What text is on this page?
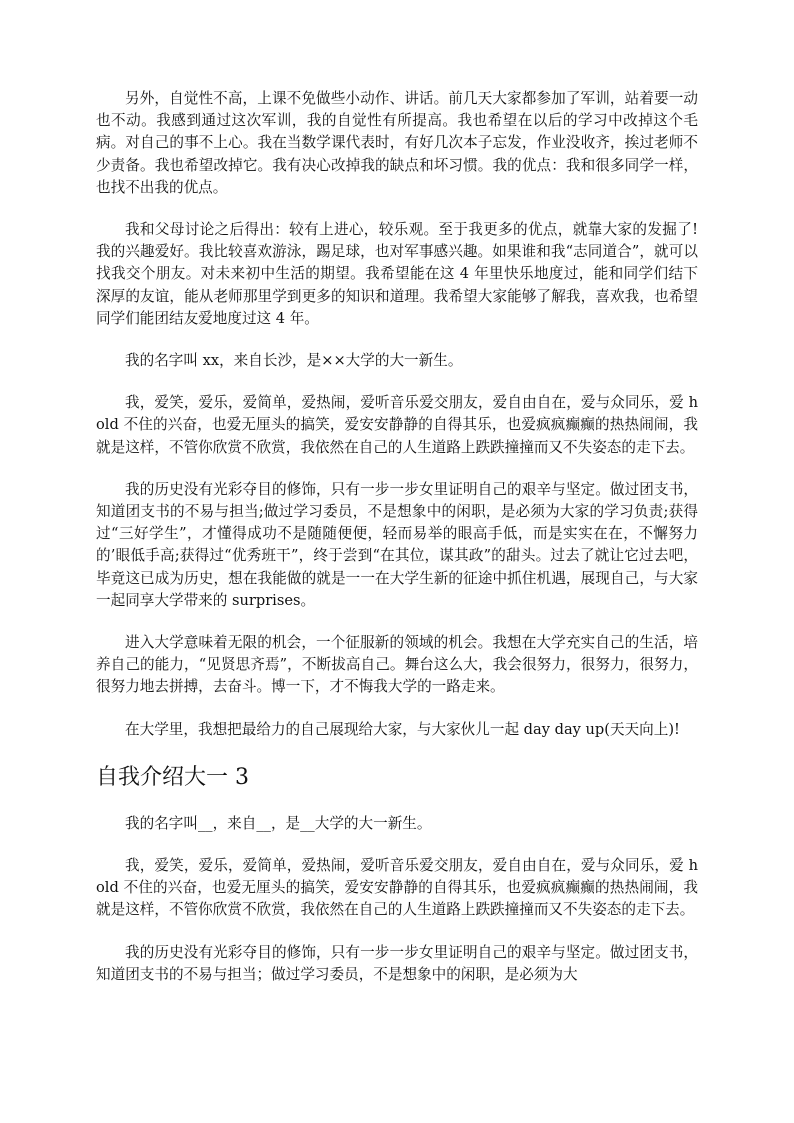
另外，自觉性不高，上课不免做些小动作、讲话。前几天大家都参加了军训，站着要一动也不动。我感到通过这次军训，我的自觉性有所提高。我也希望在以后的学习中改掉这个毛病。对自己的事不上心。我在当数学课代表时，有好几次本子忘发，作业没收齐，挨过老师不少责备。我也希望改掉它。我有决心改掉我的缺点和坏习惯。我的优点：我和很多同学一样，也找不出我的优点。

我和父母讨论之后得出：较有上进心，较乐观。至于我更多的优点，就靠大家的发掘了!我的兴趣爱好。我比较喜欢游泳，踢足球，也对军事感兴趣。如果谁和我“志同道合”，就可以找我交个朋友。对未来初中生活的期望。我希望能在这 4 年里快乐地度过，能和同学们结下深厚的友谊，能从老师那里学到更多的知识和道理。我希望大家能够了解我，喜欢我，也希望同学们能团结友爱地度过这 4 年。

我的名字叫 xx，来自长沙，是××大学的大一新生。

我，爱笑，爱乐，爱简单，爱热闹，爱听音乐爱交朋友，爱自由自在，爱与众同乐，爱 hold 不住的兴奋，也爱无厘头的搞笑，爱安安静静的自得其乐，也爱疯疯癫癫的热热闹闹，我就是这样，不管你欣赏不欣赏，我依然在自己的人生道路上跌跌撞撞而又不失姿态的走下去。

我的历史没有光彩夺目的修饰，只有一步一步女里证明自己的艰辛与坚定。做过团支书，知道团支书的不易与担当;做过学习委员，不是想象中的闲职，是必须为大家的学习负责;获得过“三好学生”，才懂得成功不是随随便便，轻而易举的眼高手低，而是实实在在，不懈努力的’眼低手高;获得过“优秀班干”，终于尝到“在其位，谋其政”的甜头。过去了就让它过去吧，毕竟这已成为历史，想在我能做的就是一一在大学生新的征途中抓住机遇，展现自己，与大家一起同享大学带来的 surprises。

进入大学意味着无限的机会，一个征服新的领域的机会。我想在大学充实自己的生活，培养自己的能力，“见贤思齐焉”，不断拔高自己。舞台这么大，我会很努力，很努力，很努力，很努力地去拼搏，去奋斗。博一下，才不悔我大学的一路走来。

在大学里，我想把最给力的自己展现给大家，与大家伙儿一起 day day up(天天向上)!

自我介绍大一 3

我的名字叫__，来自__，是__大学的大一新生。

我，爱笑，爱乐，爱简单，爱热闹，爱听音乐爱交朋友，爱自由自在，爱与众同乐，爱 hold 不住的兴奋，也爱无厘头的搞笑，爱安安静静的自得其乐，也爱疯疯癫癫的热热闹闹，我就是这样，不管你欣赏不欣赏，我依然在自己的人生道路上跌跌撞撞而又不失姿态的走下去。

我的历史没有光彩夺目的修饰，只有一步一步女里证明自己的艰辛与坚定。做过团支书，知道团支书的不易与担当；做过学习委员，不是想象中的闲职，是必须为大
